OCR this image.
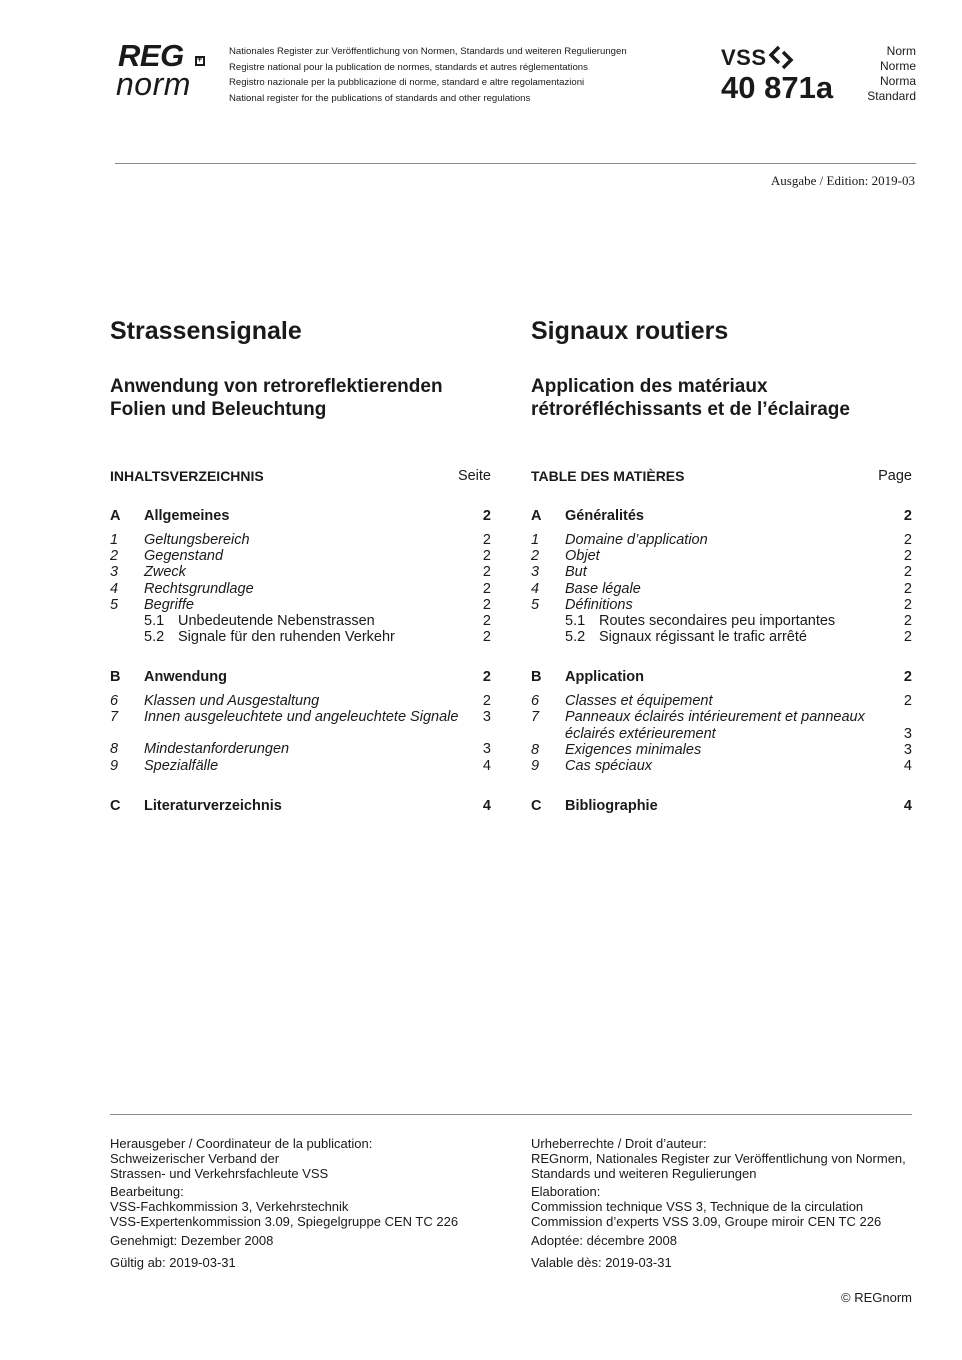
REG
+
norm
Nationales Register zur Veröffentlichung von Normen, Standards und weiteren Regulierungen
Registre national pour la publication de normes, standards et autres réglementations
Registro nazionale per la pubblicazione di norme, standard e altre regolamentazioni
National register for the publications of standards and other regulations
VSS
40 871a
Norm
Norme
Norma
Standard
Ausgabe / Edition: 2019-03
Strassensignale	Signaux routiers
Anwendung von retroreflektierenden
Folien und Beleuchtung
Application des matériaux
rétroréfléchissants et de l’éclairage
INHALTSVERZEICHNIS	Seite	TABLE DES MATIÈRES	Page
A Allgemeines	2
1 Geltungsbereich	2
2 Gegenstand	2
3 Zweck	2
4 Rechtsgrundlage	2
5 Begriffe	2
5.1 Unbedeutende Nebenstrassen	2
5.2 Signale für den ruhenden Verkehr	2
B Anwendung	2
6 Klassen und Ausgestaltung	2
7 Innen ausgeleuchtete und angeleuchtete Signale	3
8 Mindestanforderungen	3
9 Spezialfälle	4
C Literaturverzeichnis	4
A Généralités	2
1 Domaine d’application	2
2 Objet	2
3 But	2
4 Base légale	2
5 Définitions	2
5.1 Routes secondaires peu importantes	2
5.2 Signaux régissant le trafic arrêté	2
B Application	2
6 Classes et équipement	2
7 Panneaux éclairés intérieurement et panneaux
éclairés extérieurement	3
8 Exigences minimales	3
9 Cas spéciaux	4
C Bibliographie	4
Herausgeber / Coordinateur de la publication:
Schweizerischer Verband der
Strassen- und Verkehrsfachleute VSS
Bearbeitung:
VSS-Fachkommission 3, Verkehrstechnik
VSS-Expertenkommission 3.09, Spiegelgruppe CEN TC 226
Genehmigt: Dezember 2008
Gültig ab: 2019-03-31
Urheberrechte / Droit d’auteur:
REGnorm, Nationales Register zur Veröffentlichung von Normen,
Standards und weiteren Regulierungen
Elaboration:
Commission technique VSS 3, Technique de la circulation
Commission d’experts VSS 3.09, Groupe miroir CEN TC 226
Adoptée: décembre 2008
Valable dès: 2019-03-31
© REGnorm
